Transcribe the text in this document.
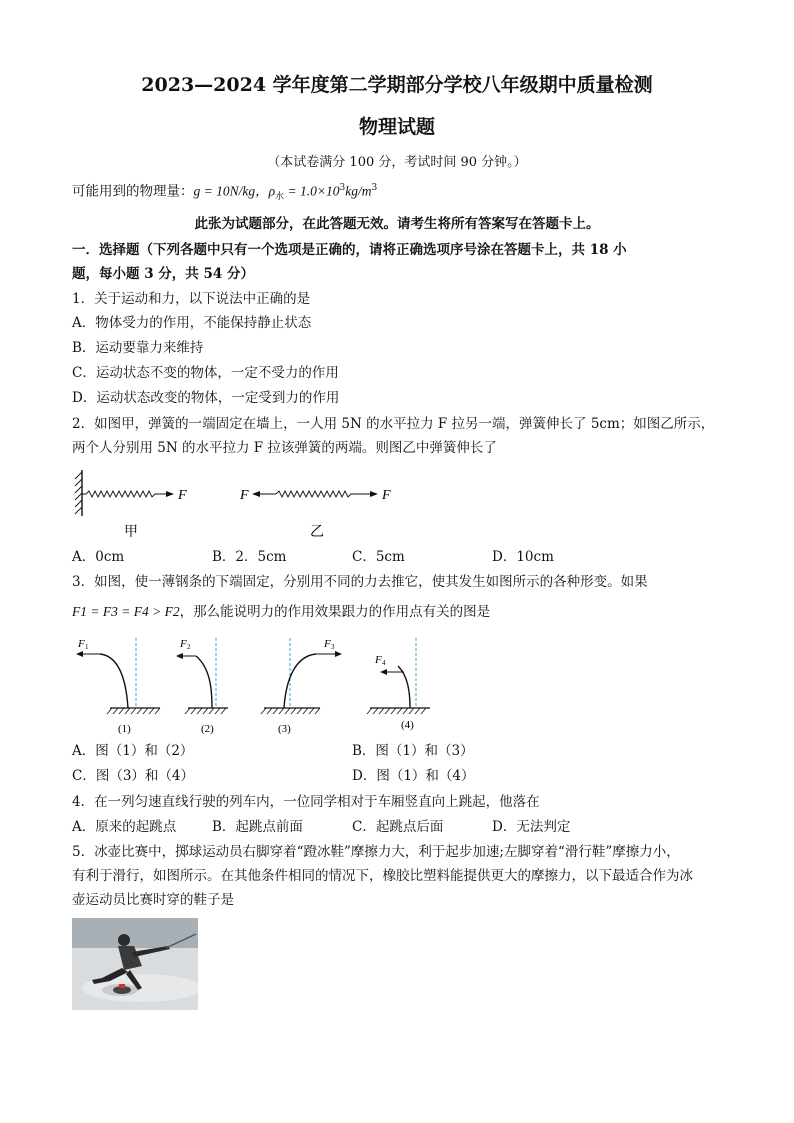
2023—2024 学年度第二学期部分学校八年级期中质量检测
物理试题
（本试卷满分 100 分，考试时间 90 分钟。）
可能用到的物理量：g = 10N/kg，$\rho_水 = 1.0\times 10^3kg/m^3$
此张为试题部分，在此答题无效。请考生将所有答案写在答题卡上。
一．选择题（下列各题中只有一个选项是正确的，请将正确选项序号涂在答题卡上，共 18 小
题，每小题 3 分，共 54 分）
1．关于运动和力，以下说法中正确的是
A．物体受力的作用，不能保持静止状态
B．运动要靠力来维持
C．运动状态不变的物体，一定不受力的作用
D．运动状态改变的物体，一定受到力的作用
2．如图甲，弹簧的一端固定在墙上，一人用 5N 的水平拉力 F 拉另一端，弹簧伸长了 5cm；如图乙所示，
两个人分别用 5N 的水平拉力 F 拉该弹簧的两端。则图乙中弹簧伸长了
F
甲
F	F
乙
A．0cm	B．2．5cm	C．5cm	D．10cm
3．如图，使一薄钢条的下端固定，分别用不同的力去推它，使其发生如图所示的各种形变。如果
F1 = F3 = F4 > F2，那么能说明力的作用效果跟力的作用点有关的图是
F 1
(1)
F 2
(2)
F 3
(3)
F 4
(4)
A．图（1）和（2）	B．图（1）和（3）
C．图（3）和（4）	D．图（1）和（4）
4．在一列匀速直线行驶的列车内，一位同学相对于车厢竖直向上跳起，他落在
A．原来的起跳点	B．起跳点前面	C．起跳点后面	D．无法判定
5．冰壶比赛中，掷球运动员右脚穿着“蹬冰鞋”摩擦力大，利于起步加速;左脚穿着“滑行鞋”摩擦力小，
有利于滑行，如图所示。在其他条件相同的情况下，橡胶比塑料能提供更大的摩擦力，以下最适合作为冰
壶运动员比赛时穿的鞋子是
